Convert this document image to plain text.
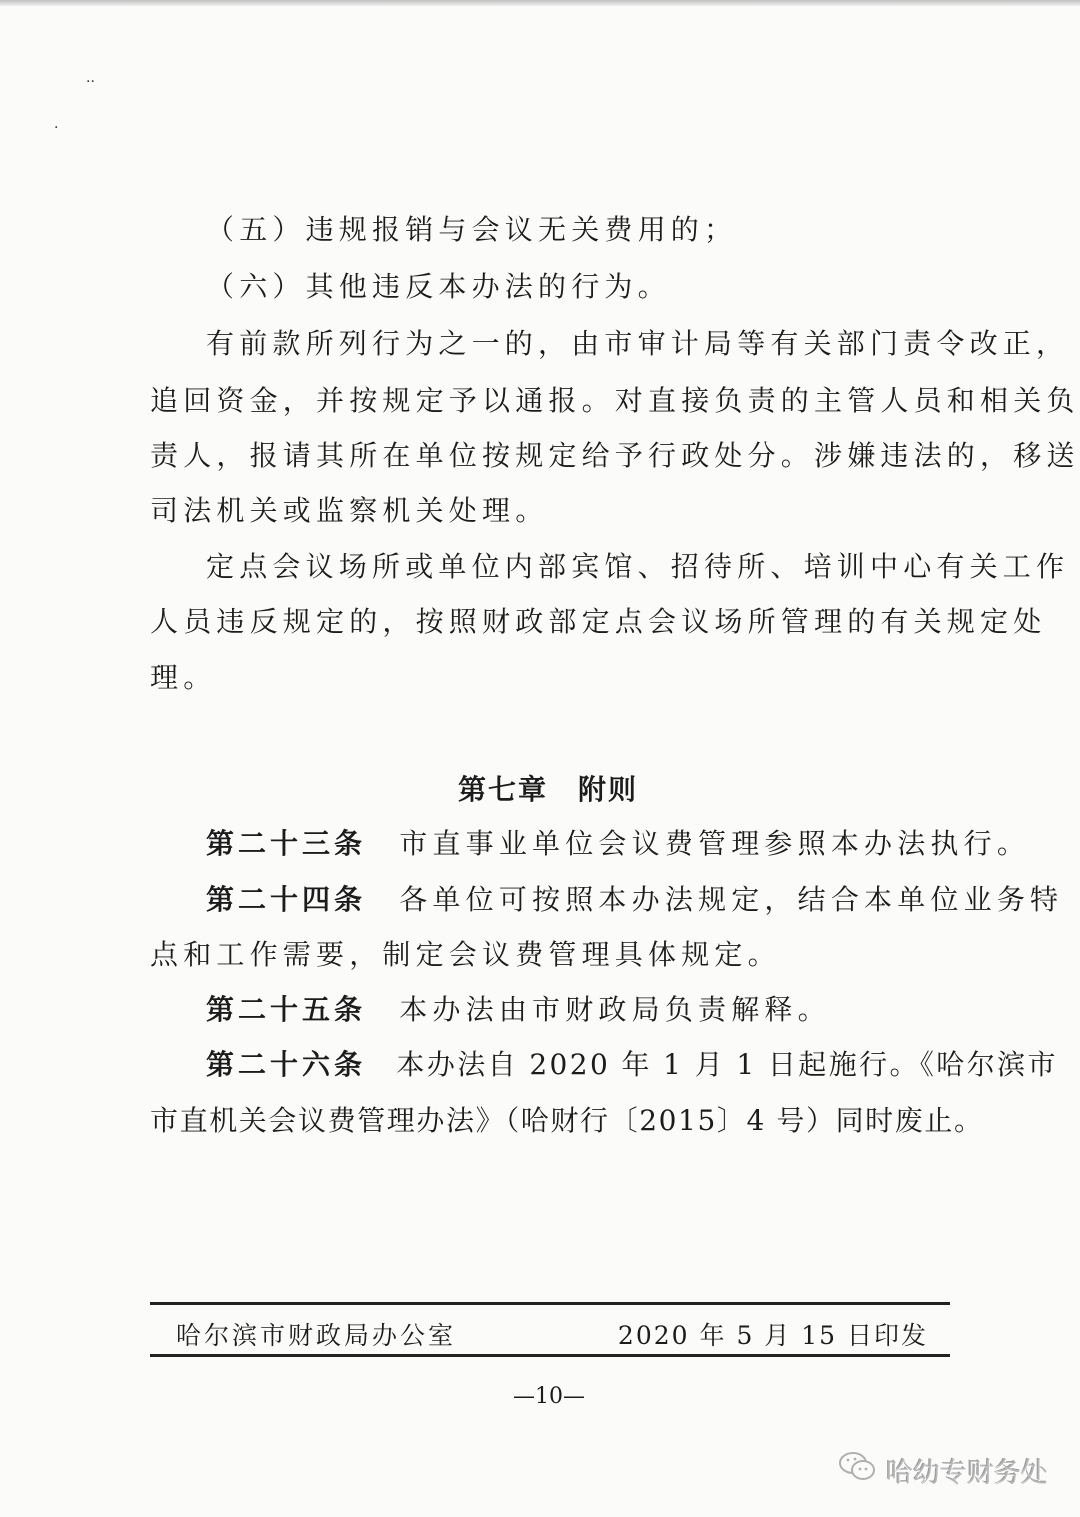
..
·
（五）违规报销与会议无关费用的；
（六）其他违反本办法的行为。
有前款所列行为之一的，由市审计局等有关部门责令改正，
追回资金，并按规定予以通报。对直接负责的主管人员和相关负
责人，报请其所在单位按规定给予行政处分。涉嫌违法的，移送
司法机关或监察机关处理。
定点会议场所或单位内部宾馆、招待所、培训中心有关工作
人员违反规定的，按照财政部定点会议场所管理的有关规定处
理。
第七章　附则
第二十三条　 市直事业单位会议费管理参照本办法执行。
第二十四条　 各单位可按照本办法规定，结合本单位业务特
点和工作需要，制定会议费管理具体规定。
第二十五条　 本办法由市财政局负责解释。
第二十六条　 本办法自 2020 年 1 月 1 日起施行。《哈尔滨市
市直机关会议费管理办法》（哈财行〔2015〕4 号）同时废止。
哈尔滨市财政局办公室	2020 年 5 月 15 日印发
—10—
哈幼专财务处
